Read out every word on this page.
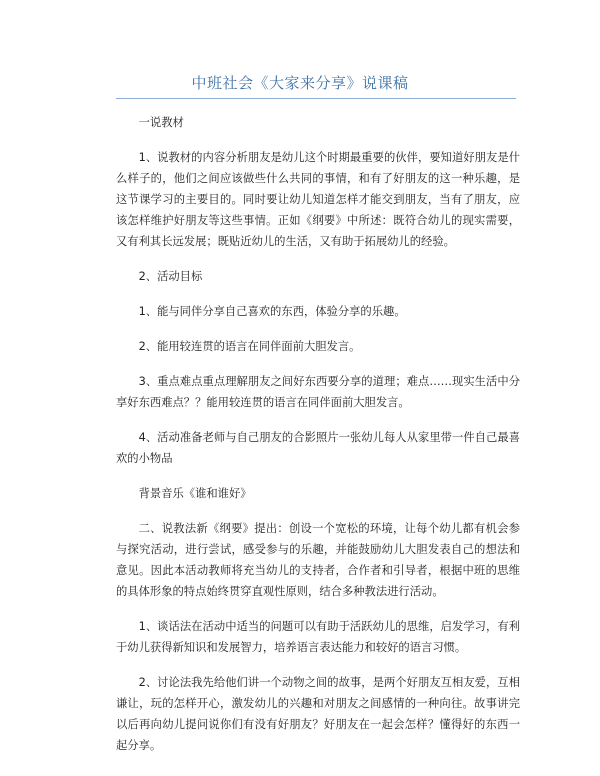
中班社会《大家来分享》说课稿

一说教材

1、说教材的内容分析朋友是幼儿这个时期最重要的伙伴，要知道好朋友是什么样子的，他们之间应该做些什么共同的事情，和有了好朋友的这一种乐趣，是这节课学习的主要目的。同时要让幼儿知道怎样才能交到朋友，当有了朋友，应该怎样维护好朋友等这些事情。正如《纲要》中所述：既符合幼儿的现实需要，又有利其长远发展；既贴近幼儿的生活，又有助于拓展幼儿的经验。

2、活动目标

1、能与同伴分享自己喜欢的东西，体验分享的乐趣。

2、能用较连贯的语言在同伴面前大胆发言。

3、重点难点重点理解朋友之间好东西要分享的道理；难点……现实生活中分享好东西难点？？能用较连贯的语言在同伴面前大胆发言。

4、活动准备老师与自己朋友的合影照片一张幼儿每人从家里带一件自己最喜欢的小物品

背景音乐《谁和谁好》

二、说教法新《纲要》提出：创设一个宽松的环境，让每个幼儿都有机会参与探究活动，进行尝试，感受参与的乐趣，并能鼓励幼儿大胆发表自己的想法和意见。因此本活动教师将充当幼儿的支持者，合作者和引导者，根据中班的思维的具体形象的特点始终贯穿直观性原则，结合多种教法进行活动。

1、谈话法在活动中适当的问题可以有助于活跃幼儿的思维，启发学习，有利于幼儿获得新知识和发展智力，培养语言表达能力和较好的语言习惯。

2、讨论法我先给他们讲一个动物之间的故事，是两个好朋友互相友爱，互相谦让，玩的怎样开心，激发幼儿的兴趣和对朋友之间感情的一种向往。故事讲完以后再向幼儿提问说你们有没有好朋友？好朋友在一起会怎样？懂得好的东西一起分享。
